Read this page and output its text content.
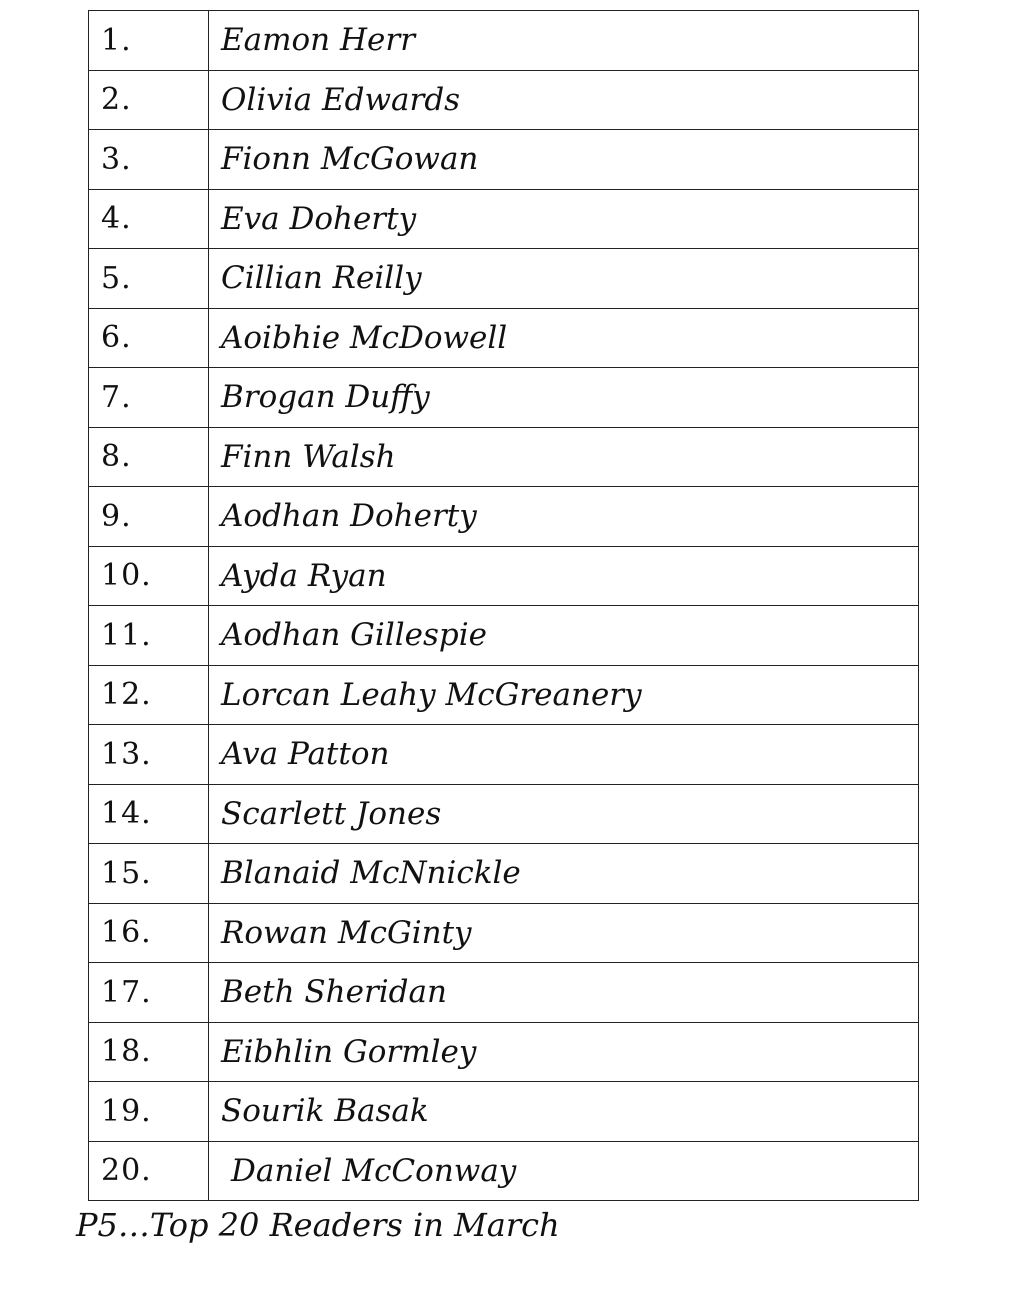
1.	Eamon Herr
2.	Olivia Edwards
3.	Fionn McGowan
4.	Eva Doherty
5.	Cillian Reilly
6.	Aoibhie McDowell
7.	Brogan Duffy
8.	Finn Walsh
9.	Aodhan Doherty
10.	Ayda Ryan
11.	Aodhan Gillespie
12.	Lorcan Leahy McGreanery
13.	Ava Patton
14.	Scarlett Jones
15.	Blanaid McNnickle
16.	Rowan McGinty
17.	Beth Sheridan
18.	Eibhlin Gormley
19.	Sourik Basak
20.	Daniel McConway
P5…Top 20 Readers in March
